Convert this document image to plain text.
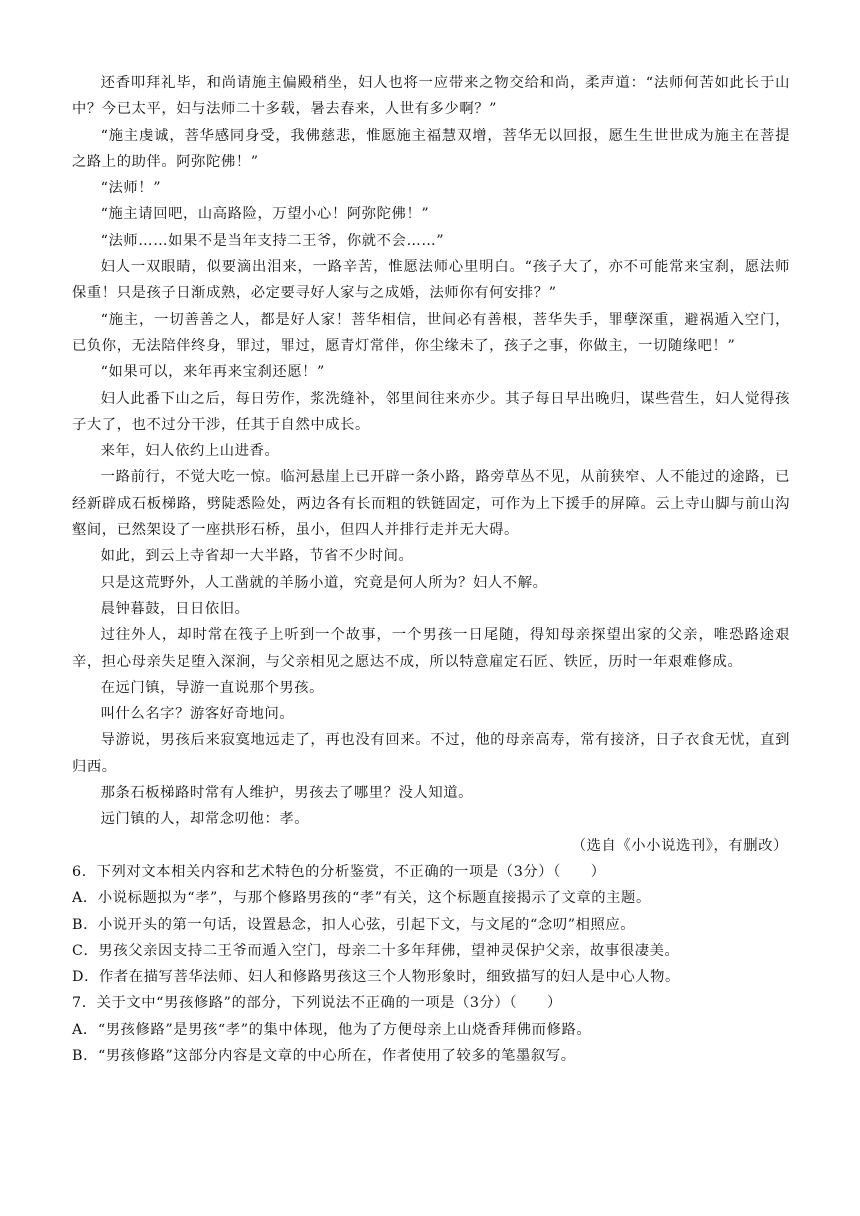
还香叩拜礼毕，和尚请施主偏殿稍坐，妇人也将一应带来之物交给和尚，柔声道：“法师何苦如此长于山中？今已太平，妇与法师二十多载，暑去春来，人世有多少啊？”

“施主虔诚，菩华感同身受，我佛慈悲，惟愿施主福慧双增，菩华无以回报，愿生生世世成为施主在菩提之路上的助伴。阿弥陀佛！”

“法师！”

“施主请回吧，山高路险，万望小心！阿弥陀佛！”

“法师……如果不是当年支持二王爷，你就不会……”

妇人一双眼睛，似要滴出泪来，一路辛苦，惟愿法师心里明白。“孩子大了，亦不可能常来宝刹，愿法师保重！只是孩子日渐成熟，必定要寻好人家与之成婚，法师你有何安排？”

“施主，一切善善之人，都是好人家！菩华相信，世间必有善根，菩华失手，罪孽深重，避祸遁入空门，已负你，无法陪伴终身，罪过，罪过，愿青灯常伴，你尘缘未了，孩子之事，你做主，一切随缘吧！”

“如果可以，来年再来宝刹还愿！”

妇人此番下山之后，每日劳作，浆洗缝补，邻里间往来亦少。其子每日早出晚归，谋些营生，妇人觉得孩子大了，也不过分干涉，任其于自然中成长。

来年，妇人依约上山进香。

一路前行，不觉大吃一惊。临河悬崖上已开辟一条小路，路旁草丛不见，从前狭窄、人不能过的途路，已经新辟成石板梯路，劈陡悉险处，两边各有长而粗的铁链固定，可作为上下援手的屏障。云上寺山脚与前山沟壑间，已然架设了一座拱形石桥，虽小，但四人并排行走并无大碍。

如此，到云上寺省却一大半路，节省不少时间。

只是这荒野外，人工凿就的羊肠小道，究竟是何人所为？妇人不解。

晨钟暮鼓，日日依旧。

过往外人，却时常在筏子上听到一个故事，一个男孩一日尾随，得知母亲探望出家的父亲，唯恐路途艰辛，担心母亲失足堕入深涧，与父亲相见之愿达不成，所以特意雇定石匠、铁匠，历时一年艰难修成。

在远门镇，导游一直说那个男孩。

叫什么名字？游客好奇地问。

导游说，男孩后来寂寞地远走了，再也没有回来。不过，他的母亲高寿，常有接济，日子衣食无忧，直到归西。

那条石板梯路时常有人维护，男孩去了哪里？没人知道。

远门镇的人，却常念叨他：孝。

（选自《小小说选刊》，有删改）

6．下列对文本相关内容和艺术特色的分析鉴赏，不正确的一项是（3分）（　　）

A．小说标题拟为“孝”，与那个修路男孩的“孝”有关，这个标题直接揭示了文章的主题。

B．小说开头的第一句话，设置悬念，扣人心弦，引起下文，与文尾的“念叨”相照应。

C．男孩父亲因支持二王爷而遁入空门，母亲二十多年拜佛，望神灵保护父亲，故事很凄美。

D．作者在描写菩华法师、妇人和修路男孩这三个人物形象时，细致描写的妇人是中心人物。

7．关于文中“男孩修路”的部分，下列说法不正确的一项是（3分）（　　）

A．“男孩修路”是男孩“孝”的集中体现，他为了方便母亲上山烧香拜佛而修路。

B．“男孩修路”这部分内容是文章的中心所在，作者使用了较多的笔墨叙写。
